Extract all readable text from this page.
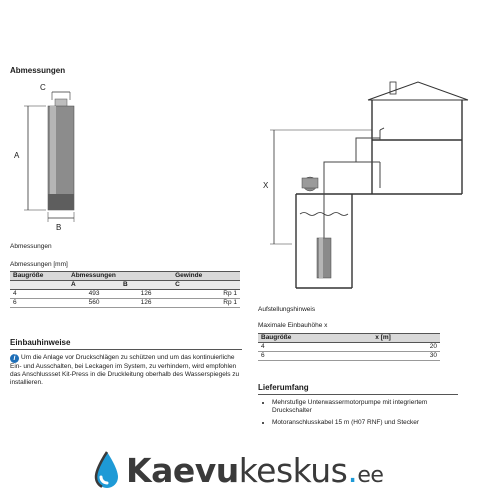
Abmessungen
C
A
B
Abmessungen
Abmessungen [mm]
Baugröße	Abmessungen		Gewinde
	A	B	C
4	493	126	Rp 1
6	560	126	Rp 1
Einbauhinweise
i Um die Anlage vor Druckschlägen zu schützen und um das kontinuierliche Ein- und Ausschalten, bei Leckagen im System, zu verhindern, wird empfohlen das Anschlussset Kit-Press in die Druckleitung oberhalb des Wasserspiegels zu installieren.
X
Aufstellungshinweis
Maximale Einbauhöhe x
Baugröße	x [m]
4	20
6	30
Lieferumfang
• Mehrstufige Unterwassermotorpumpe mit integriertem Druckschalter
• Motoranschlusskabel 15 m (H07 RNF) und Stecker
Kaevukeskus.ee
